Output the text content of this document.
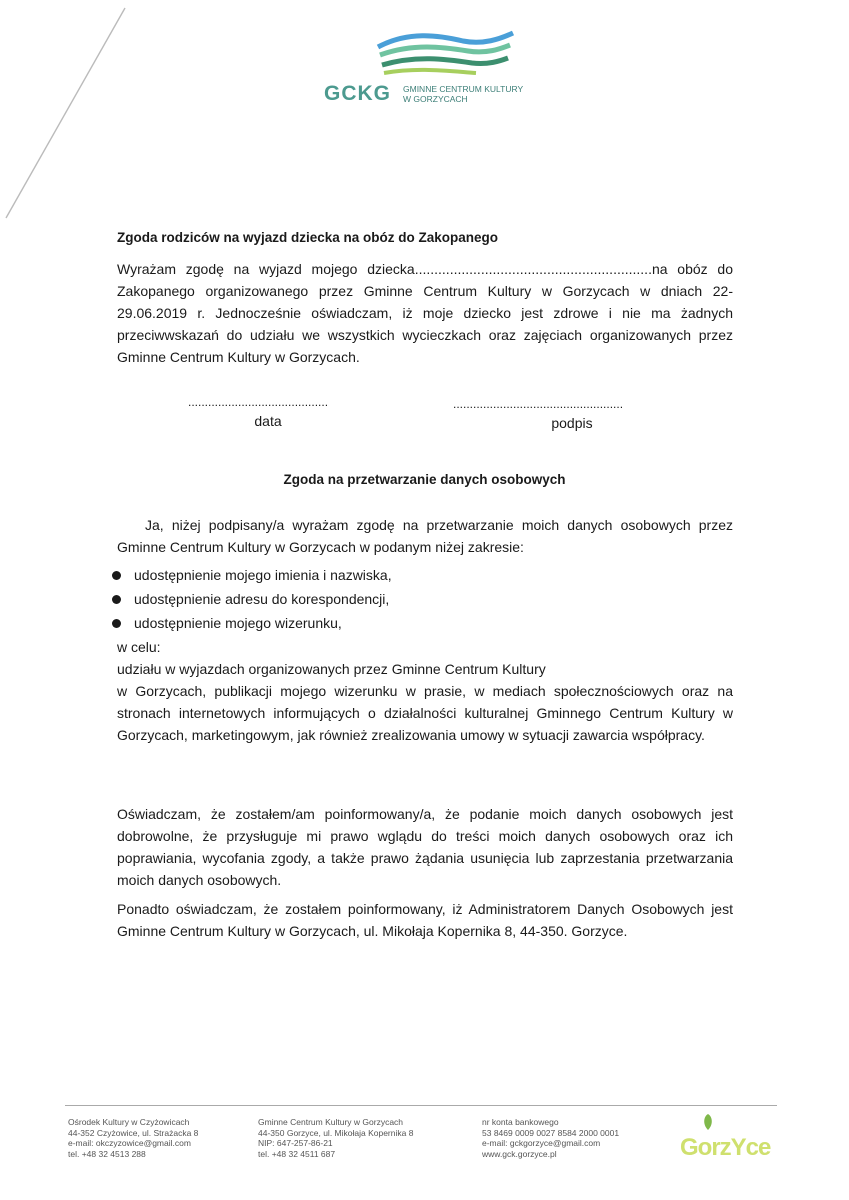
GCKG GMINNE CENTRUM KULTURY
W GORZYCACH
Zgoda rodziców na wyjazd dziecka na obóz do Zakopanego
Wyrażam zgodę na wyjazd mojego dziecka.............................................................na obóz do Zakopanego organizowanego przez Gminne Centrum Kultury w Gorzycach w dniach 22-29.06.2019 r. Jednocześnie oświadczam, iż moje dziecko jest zdrowe i nie ma żadnych przeciwwskazań do udziału we wszystkich wycieczkach oraz zajęciach organizowanych przez Gminne Centrum Kultury w Gorzycach.
..........................................
data
...................................................
podpis
Zgoda na przetwarzanie danych osobowych
Ja, niżej podpisany/a wyrażam zgodę na przetwarzanie moich danych osobowych przez Gminne Centrum Kultury w Gorzycach w podanym niżej zakresie:
udostępnienie mojego imienia i nazwiska,
udostępnienie adresu do korespondencji,
udostępnienie mojego wizerunku,
w celu:
udziału w wyjazdach organizowanych przez Gminne Centrum Kultury
w Gorzycach, publikacji mojego wizerunku w prasie, w mediach społecznościowych oraz na stronach internetowych informujących o działalności kulturalnej Gminnego Centrum Kultury w Gorzycach, marketingowym, jak również zrealizowania umowy w sytuacji zawarcia współpracy.
Oświadczam, że zostałem/am poinformowany/a, że podanie moich danych osobowych jest dobrowolne, że przysługuje mi prawo wglądu do treści moich danych osobowych oraz ich poprawiania, wycofania zgody, a także prawo żądania usunięcia lub zaprzestania przetwarzania moich danych osobowych.
Ponadto oświadczam, że zostałem poinformowany, iż Administratorem Danych Osobowych jest Gminne Centrum Kultury w Gorzycach, ul. Mikołaja Kopernika 8, 44-350. Gorzyce.
Ośrodek Kultury w Czyżowicach
44-352 Czyżowice, ul. Strażacka 8
e-mail: okczyzowice@gmail.com
tel. +48 32 4513 288
Gminne Centrum Kultury w Gorzycach
44-350 Gorzyce, ul. Mikołaja Kopernika 8
NIP: 647-257-86-21
tel. +48 32 4511 687
nr konta bankowego
53 8469 0009 0027 8584 2000 0001
e-mail: gckgorzyce@gmail.com
www.gck.gorzyce.pl	GorzYce
